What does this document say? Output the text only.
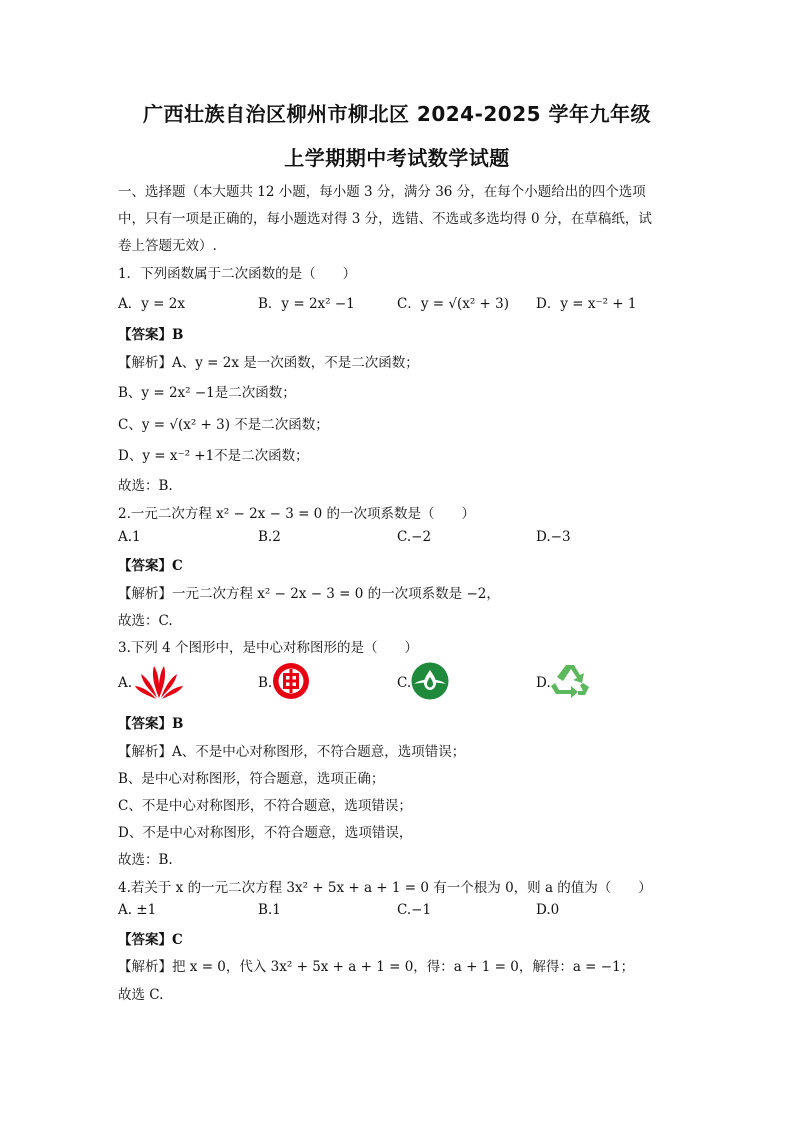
广西壮族自治区柳州市柳北区 2024-2025 学年九年级
上学期期中考试数学试题
一、选择题（本大题共 12 小题，每小题 3 分，满分 36 分，在每个小题给出的四个选项
中，只有一项是正确的，每小题选对得 3 分，选错、不选或多选均得 0 分，在草稿纸，试
卷上答题无效）.
1．下列函数属于二次函数的是（　　）
A．y = 2x	B．y = 2x² −1	C．y = √(x² + 3) D．y = x⁻² + 1
【答案】B
【解析】A、y = 2x 是一次函数，不是二次函数；
B、y = 2x² −1是二次函数；
C、y = √(x² + 3) 不是二次函数；
D、y = x⁻² +1不是二次函数；
故选：B.
2.一元二次方程 x² − 2x − 3 = 0 的一次项系数是（　　）
A.1	B.2	C.−2	D.−3
【答案】C
【解析】一元二次方程 x² − 2x − 3 = 0 的一次项系数是 −2，
故选：C.
3.下列 4 个图形中，是中心对称图形的是（　　）
A.	B.	C.	D.
【答案】B
【解析】A、不是中心对称图形，不符合题意，选项错误；
B、是中心对称图形，符合题意，选项正确；
C、不是中心对称图形，不符合题意，选项错误；
D、不是中心对称图形，不符合题意，选项错误，
故选：B.
4.若关于 x 的一元二次方程 3x² + 5x + a + 1 = 0 有一个根为 0，则 a 的值为（　　）
A. ±1	B.1	C.−1	D.0
【答案】C
【解析】把 x = 0，代入 3x² + 5x + a + 1 = 0，得：a + 1 = 0，解得：a = −1；
故选 C.
